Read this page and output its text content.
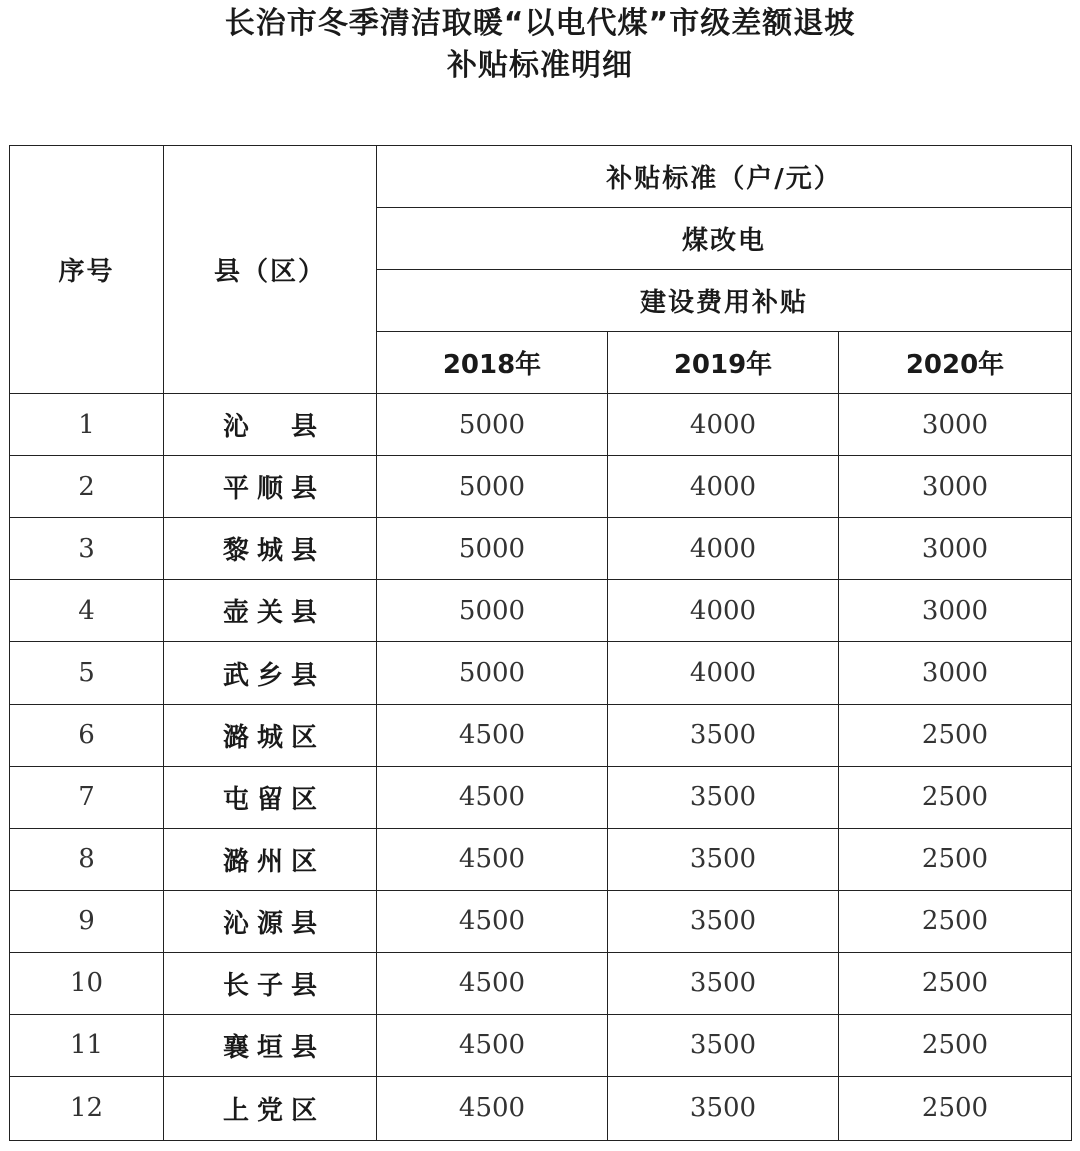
长治市冬季清洁取暖“以电代煤”市级差额退坡
补贴标准明细
序号	县（区）	补贴标准（户/元）		
		煤改电		
		建设费用补贴		
		2018年	2019年	2020年
1	沁　县	5000	4000	3000
2	平顺县	5000	4000	3000
3	黎城县	5000	4000	3000
4	壶关县	5000	4000	3000
5	武乡县	5000	4000	3000
6	潞城区	4500	3500	2500
7	屯留区	4500	3500	2500
8	潞州区	4500	3500	2500
9	沁源县	4500	3500	2500
10	长子县	4500	3500	2500
11	襄垣县	4500	3500	2500
12	上党区	4500	3500	2500
